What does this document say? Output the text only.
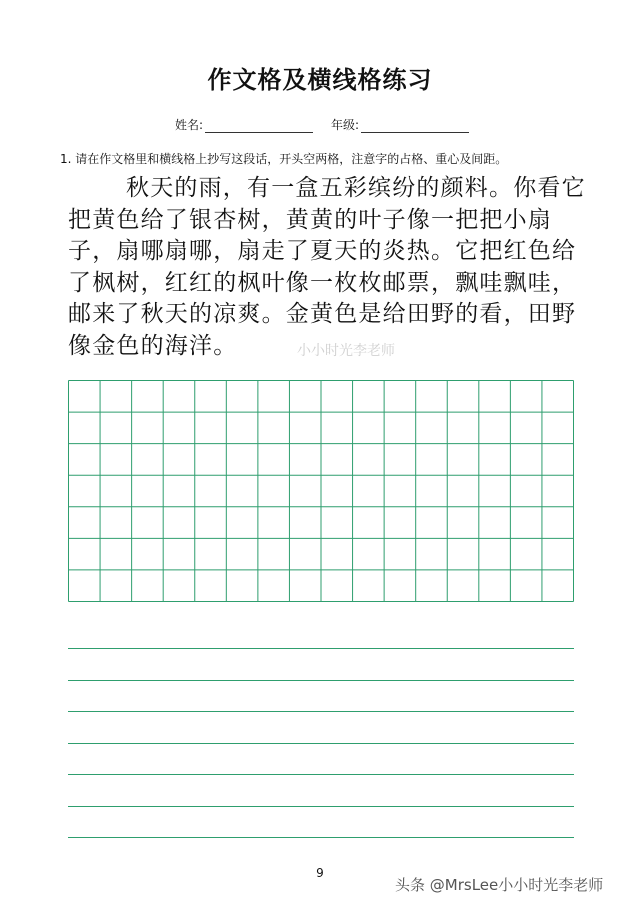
作文格及横线格练习
姓名:	年级:
1. 请在作文格里和横线格上抄写这段话，开头空两格，注意字的占格、重心及间距。

秋天的雨，有一盒五彩缤纷的颜料。你看它把黄色给了银杏树，黄黄的叶子像一把把小扇子，扇哪扇哪，扇走了夏天的炎热。它把红色给了枫树，红红的枫叶像一枚枚邮票，飘哇飘哇，邮来了秋天的凉爽。金黄色是给田野的看，田野像金色的海洋。	小小时光李老师
9
头条 @MrsLee小小时光李老师
